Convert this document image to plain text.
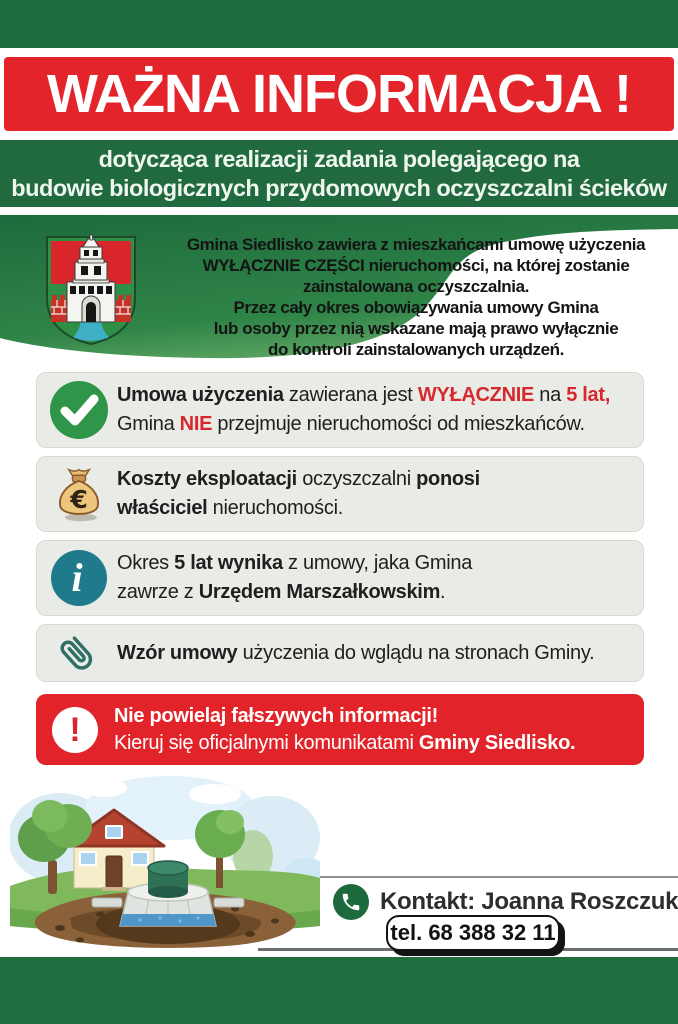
WAŻNA INFORMACJA !
dotycząca realizacji zadania polegającego na
budowie biologicznych przydomowych oczyszczalni ścieków
Gmina Siedlisko zawiera z mieszkańcami umowę użyczenia
WYŁĄCZNIE CZĘŚCI nieruchomości, na której zostanie
zainstalowana oczyszczalnia.
Przez cały okres obowiązywania umowy Gmina
lub osoby przez nią wskazane mają prawo wyłącznie
do kontroli zainstalowanych urządzeń.
Umowa użyczenia zawierana jest WYŁĄCZNIE na 5 lat,
Gmina NIE przejmuje nieruchomości od mieszkańców.
€
Koszty eksploatacji oczyszczalni ponosi
właściciel nieruchomości.
i Okres 5 lat wynika z umowy, jaka Gmina
zawrze z Urzędem Marszałkowskim.
Wzór umowy użyczenia do wglądu na stronach Gminy.
! Nie powielaj fałszywych informacji!
Kieruj się oficjalnymi komunikatami Gminy Siedlisko.
Kontakt: Joanna Roszczuk
tel. 68 388 32 11
